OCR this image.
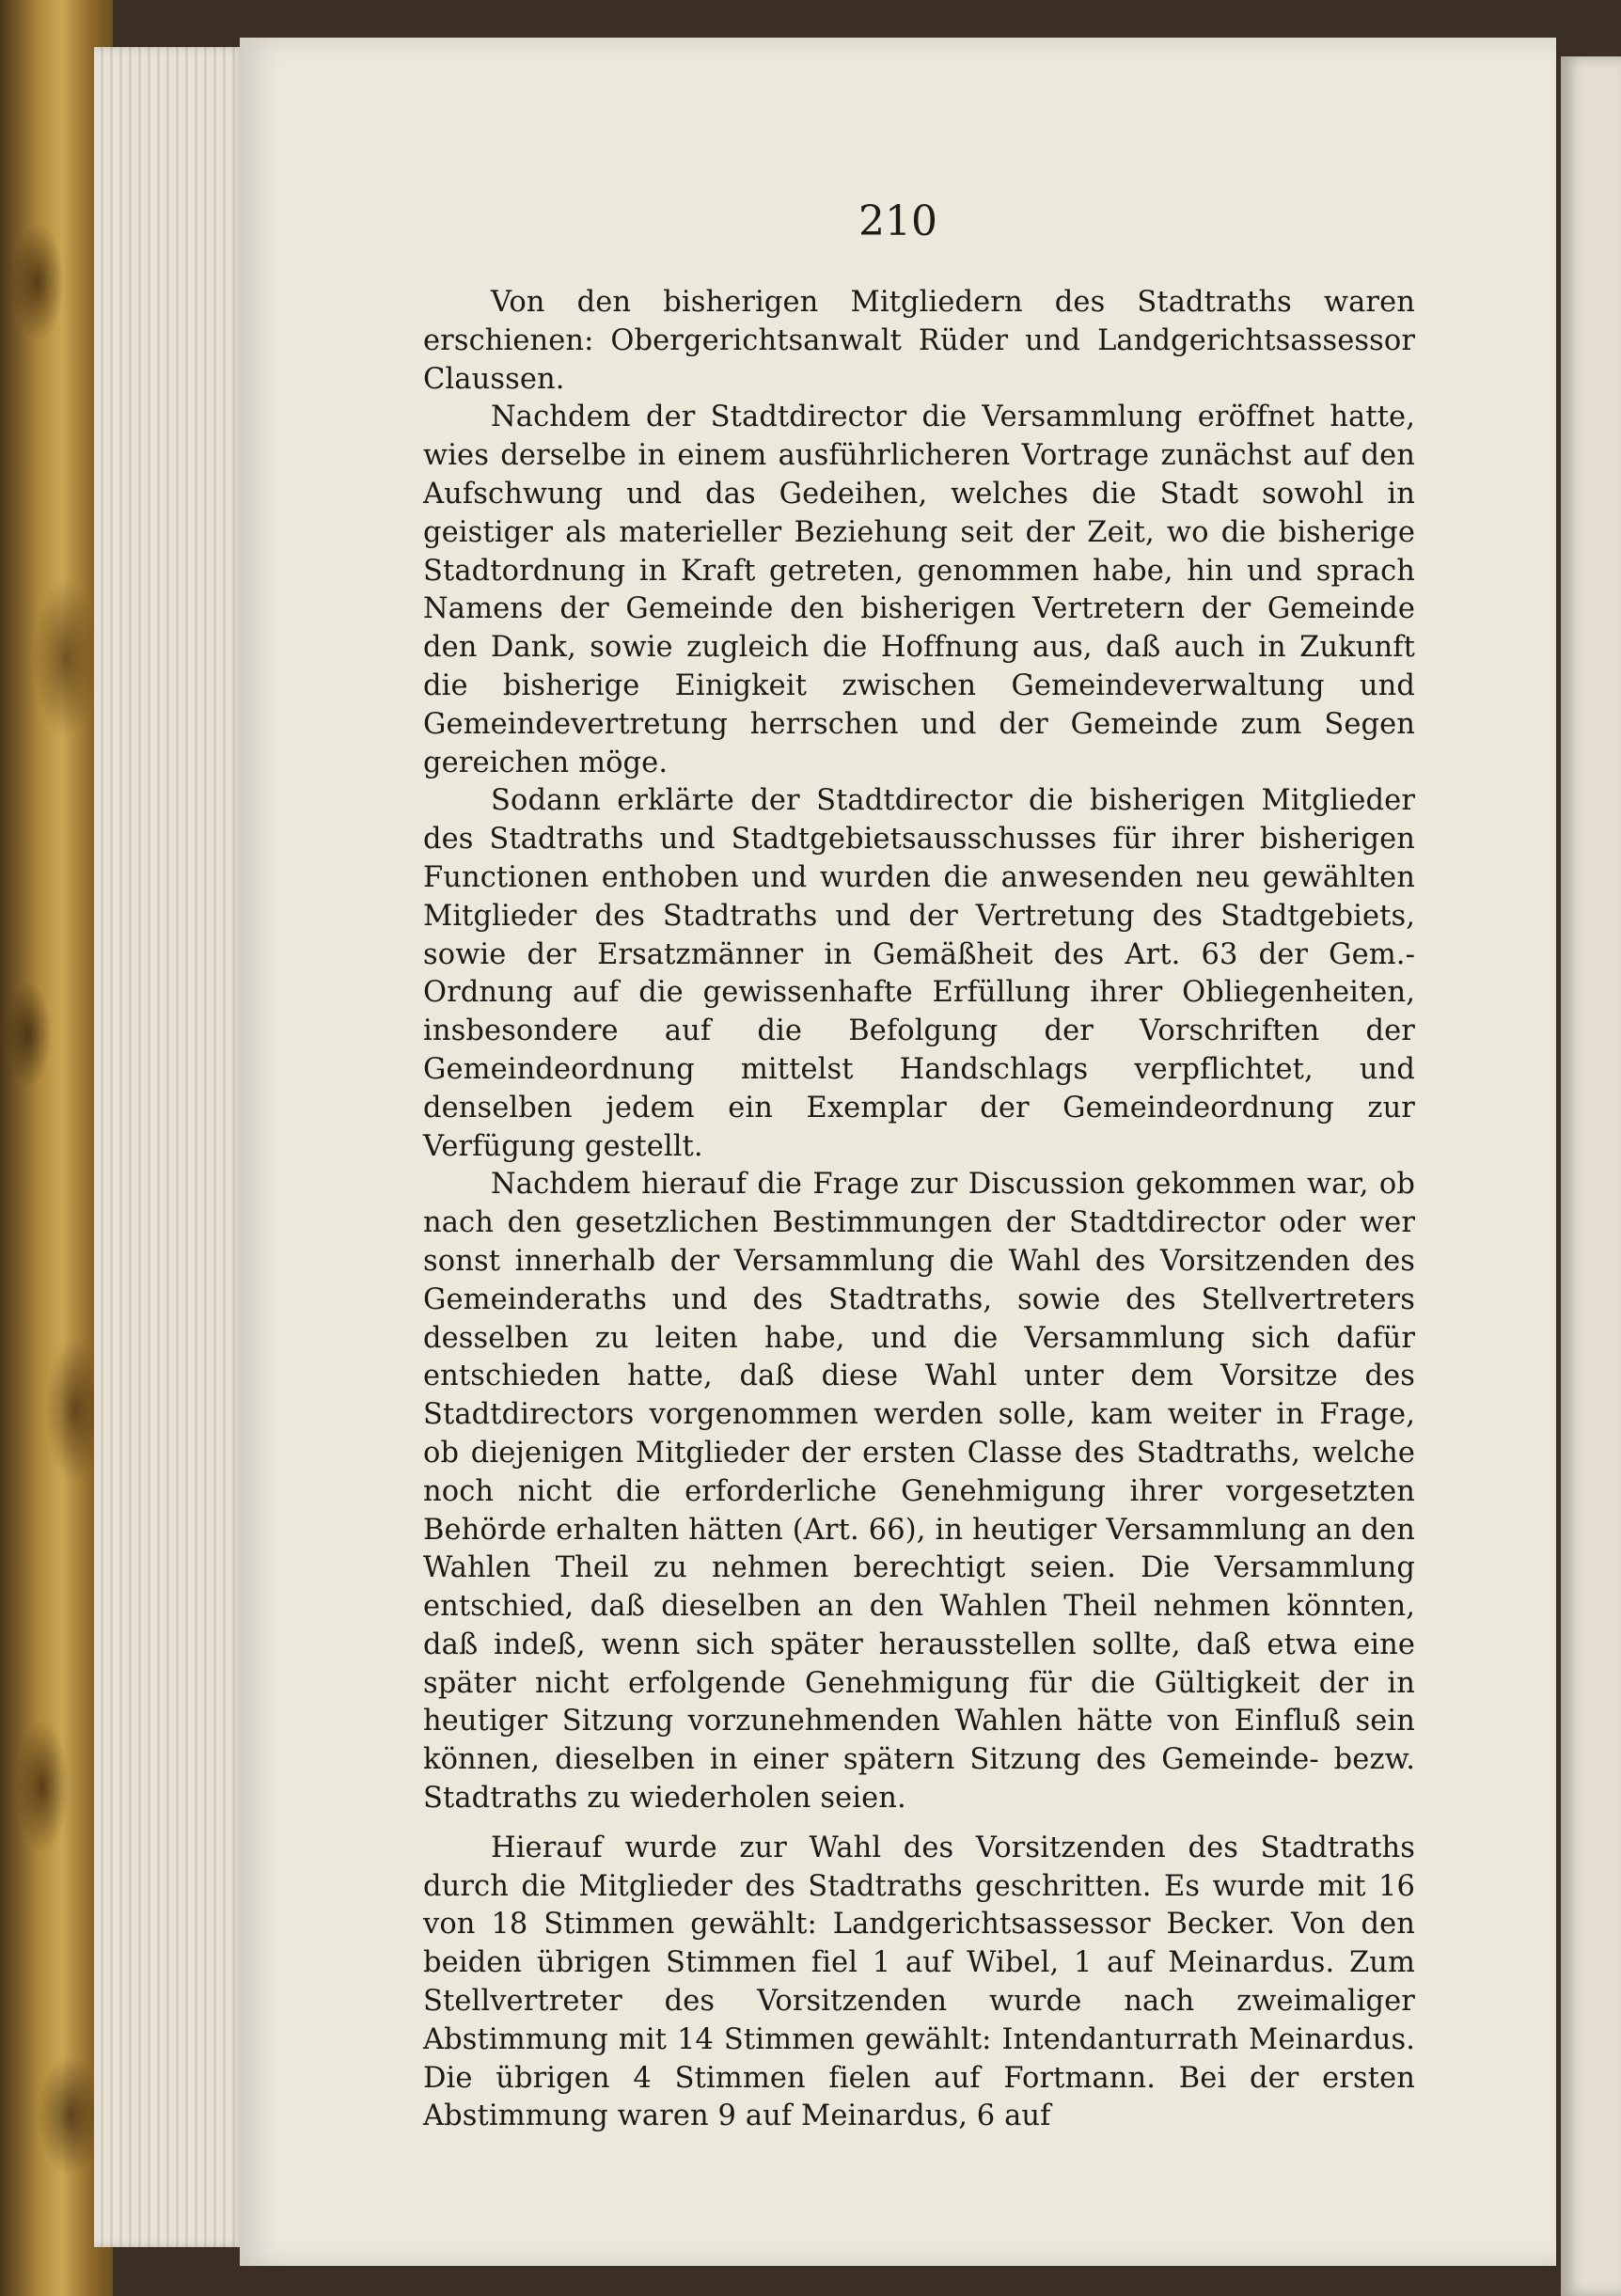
210

Von den bisherigen Mitgliedern des Stadtraths waren erschienen: Obergerichtsanwalt Rüder und Landgerichtsassessor Claussen.

Nachdem der Stadtdirector die Versammlung eröffnet hatte, wies derselbe in einem ausführlicheren Vortrage zunächst auf den Aufschwung und das Gedeihen, welches die Stadt sowohl in geistiger als materieller Beziehung seit der Zeit, wo die bisherige Stadtordnung in Kraft getreten, genommen habe, hin und sprach Namens der Gemeinde den bisherigen Vertretern der Gemeinde den Dank, sowie zugleich die Hoffnung aus, daß auch in Zukunft die bisherige Einigkeit zwischen Gemeindeverwaltung und Gemeindevertretung herrschen und der Gemeinde zum Segen gereichen möge.

Sodann erklärte der Stadtdirector die bisherigen Mitglieder des Stadtraths und Stadtgebietsausschusses für ihrer bisherigen Functionen enthoben und wurden die anwesenden neu gewählten Mitglieder des Stadtraths und der Vertretung des Stadtgebiets, sowie der Ersatzmänner in Gemäßheit des Art. 63 der Gem.-Ordnung auf die gewissenhafte Erfüllung ihrer Obliegenheiten, insbesondere auf die Befolgung der Vorschriften der Gemeindeordnung mittelst Handschlags verpflichtet, und denselben jedem ein Exemplar der Gemeindeordnung zur Verfügung gestellt.

Nachdem hierauf die Frage zur Discussion gekommen war, ob nach den gesetzlichen Bestimmungen der Stadtdirector oder wer sonst innerhalb der Versammlung die Wahl des Vorsitzenden des Gemeinderaths und des Stadtraths, sowie des Stellvertreters desselben zu leiten habe, und die Versammlung sich dafür entschieden hatte, daß diese Wahl unter dem Vorsitze des Stadtdirectors vorgenommen werden solle, kam weiter in Frage, ob diejenigen Mitglieder der ersten Classe des Stadtraths, welche noch nicht die erforderliche Genehmigung ihrer vorgesetzten Behörde erhalten hätten (Art. 66), in heutiger Versammlung an den Wahlen Theil zu nehmen berechtigt seien. Die Versammlung entschied, daß dieselben an den Wahlen Theil nehmen könnten, daß indeß, wenn sich später herausstellen sollte, daß etwa eine später nicht erfolgende Genehmigung für die Gültigkeit der in heutiger Sitzung vorzunehmenden Wahlen hätte von Einfluß sein können, dieselben in einer spätern Sitzung des Gemeinde- bezw. Stadtraths zu wiederholen seien.

Hierauf wurde zur Wahl des Vorsitzenden des Stadtraths durch die Mitglieder des Stadtraths geschritten. Es wurde mit 16 von 18 Stimmen gewählt: Landgerichtsassessor Becker. Von den beiden übrigen Stimmen fiel 1 auf Wibel, 1 auf Meinardus. Zum Stellvertreter des Vorsitzenden wurde nach zweimaliger Abstimmung mit 14 Stimmen gewählt: Intendanturrath Meinardus. Die übrigen 4 Stimmen fielen auf Fortmann. Bei der ersten Abstimmung waren 9 auf Meinardus, 6 auf
